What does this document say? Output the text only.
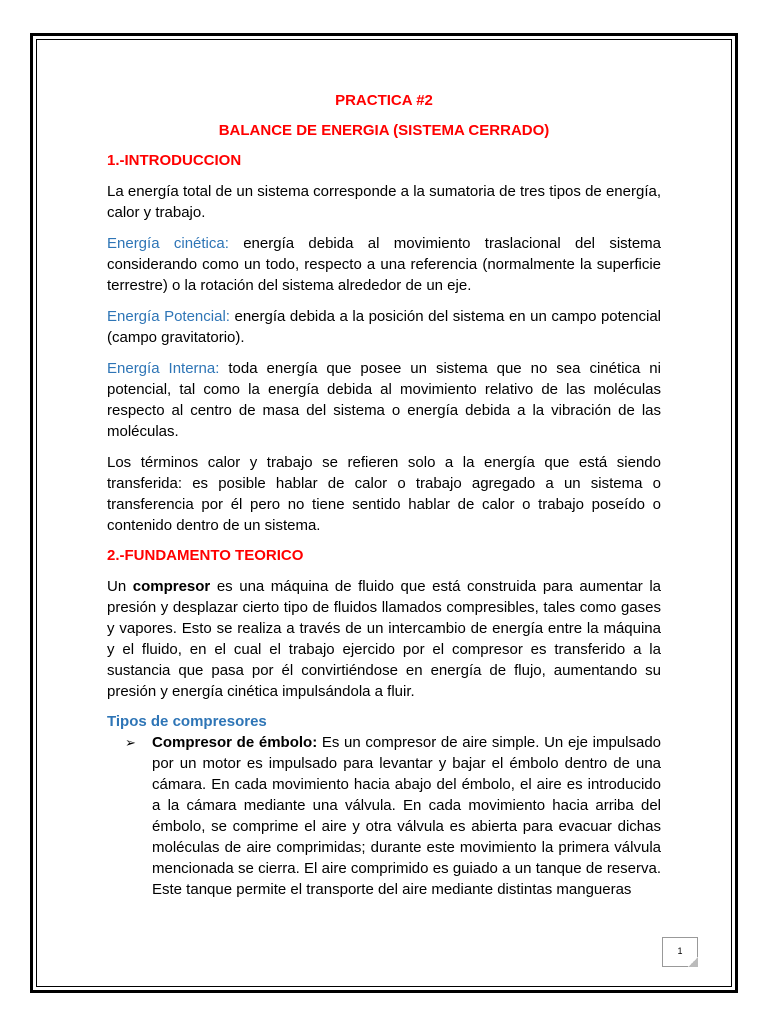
PRACTICA #2
BALANCE DE ENERGIA (SISTEMA CERRADO)
1.-INTRODUCCION

La energía total de un sistema corresponde a la sumatoria de tres tipos de energía, calor y trabajo.

Energía cinética: energía debida al movimiento traslacional del sistema considerando como un todo, respecto a una referencia (normalmente la superficie terrestre) o la rotación del sistema alrededor de un eje.

Energía Potencial: energía debida a la posición del sistema en un campo potencial (campo gravitatorio).

Energía Interna: toda energía que posee un sistema que no sea cinética ni potencial, tal como la energía debida al movimiento relativo de las moléculas respecto al centro de masa del sistema o energía debida a la vibración de las moléculas.

Los términos calor y trabajo se refieren solo a la energía que está siendo transferida: es posible hablar de calor o trabajo agregado a un sistema o transferencia por él pero no tiene sentido hablar de calor o trabajo poseído o contenido dentro de un sistema.

2.-FUNDAMENTO TEORICO

Un compresor es una máquina de fluido que está construida para aumentar la presión y desplazar cierto tipo de fluidos llamados compresibles, tales como gases y vapores. Esto se realiza a través de un intercambio de energía entre la máquina y el fluido, en el cual el trabajo ejercido por el compresor es transferido a la sustancia que pasa por él convirtiéndose en energía de flujo, aumentando su presión y energía cinética impulsándola a fluir.

Tipos de compresores
➢ Compresor de émbolo: Es un compresor de aire simple. Un eje impulsado por un motor es impulsado para levantar y bajar el émbolo dentro de una cámara. En cada movimiento hacia abajo del émbolo, el aire es introducido a la cámara mediante una válvula. En cada movimiento hacia arriba del émbolo, se comprime el aire y otra válvula es abierta para evacuar dichas moléculas de aire comprimidas; durante este movimiento la primera válvula mencionada se cierra. El aire comprimido es guiado a un tanque de reserva. Este tanque permite el transporte del aire mediante distintas mangueras
1
